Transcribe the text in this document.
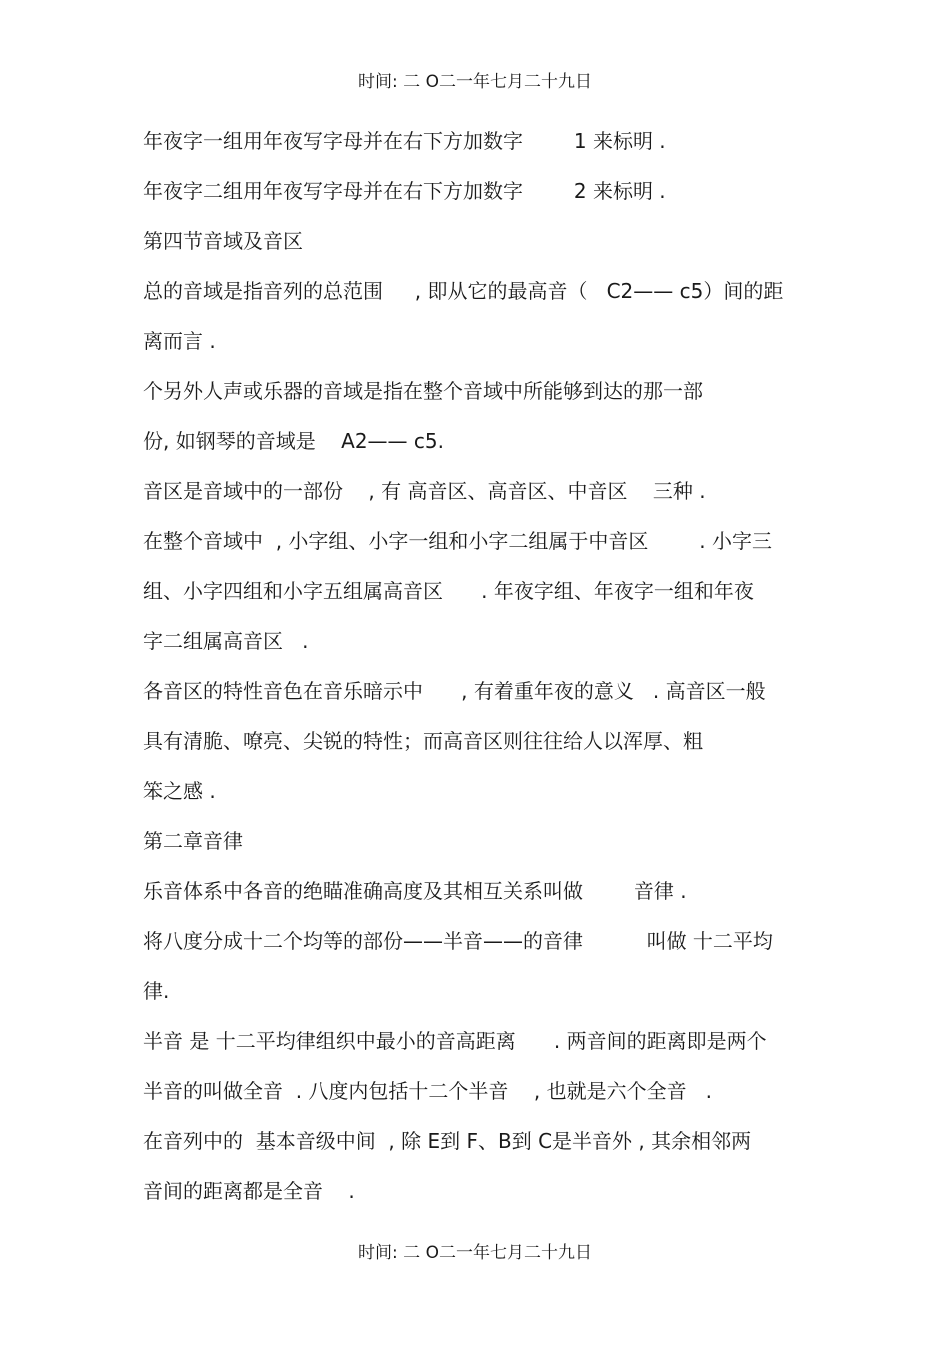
时间: 二 O二一年七月二十九日
年夜字一组用年夜写字母并在右下方加数字        1 来标明 .
年夜字二组用年夜写字母并在右下方加数字        2 来标明 .
第四节音域及音区
总的音域是指音列的总范围     , 即从它的最高音（   C2—— c5）间的距
离而言 .
个另外人声或乐器的音域是指在整个音域中所能够到达的那一部
份, 如钢琴的音域是    A2—— c5.
音区是音域中的一部份    , 有 高音区、高音区、中音区    三种 .
在整个音域中  , 小字组、小字一组和小字二组属于中音区        . 小字三
组、小字四组和小字五组属高音区      . 年夜字组、年夜字一组和年夜
字二组属高音区   .
各音区的特性音色在音乐暗示中      , 有着重年夜的意义   . 高音区一般
具有清脆、嘹亮、尖锐的特性；而高音区则往往给人以浑厚、粗
笨之感 .
第二章音律
乐音体系中各音的绝瞄准确高度及其相互关系叫做        音律 .
将八度分成十二个均等的部份——半音——的音律          叫做 十二平均
律.
半音 是 十二平均律组织中最小的音高距离      . 两音间的距离即是两个
半音的叫做全音  . 八度内包括十二个半音    , 也就是六个全音   .
在音列中的  基本音级中间  , 除 E到 F、B到 C是半音外 , 其余相邻两
音间的距离都是全音    .
时间: 二 O二一年七月二十九日
